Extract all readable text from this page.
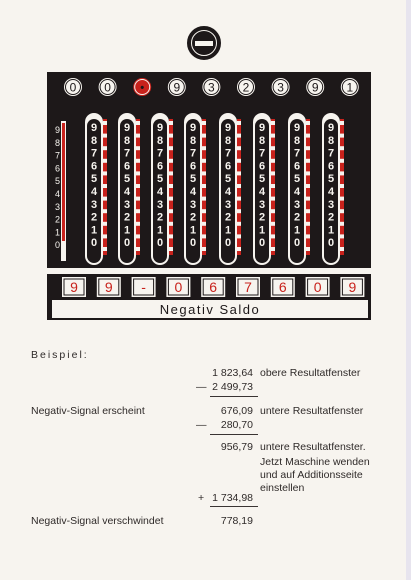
0 0 • 9 3 2 3 9 1
9
8
7
6
5
4
3
2
1
0
9
8
7
6
5
4
3
2
1
0
9
8
7
6
5
4
3
2
1
0
9
8
7
6
5
4
3
2
1
0
9
8
7
6
5
4
3
2
1
0
9
8
7
6
5
4
3
2
1
0
9
8
7
6
5
4
3
2
1
0
9
8
7
6
5
4
3
2
1
0
9
8
7
6
5
4
3
2
1
0
9 9 - 0 6 7 6 0 9
Negativ Saldo
Beispiel:
1 823,64 obere Resultatfenster
— 2 499,73
Negativ-Signal erscheint	676,09 untere Resultatfenster
— 280,70
956,79 untere Resultatfenster.
Jetzt Maschine wenden
und auf Additionsseite
einstellen
+ 1 734,98
Negativ-Signal verschwindet	778,19
